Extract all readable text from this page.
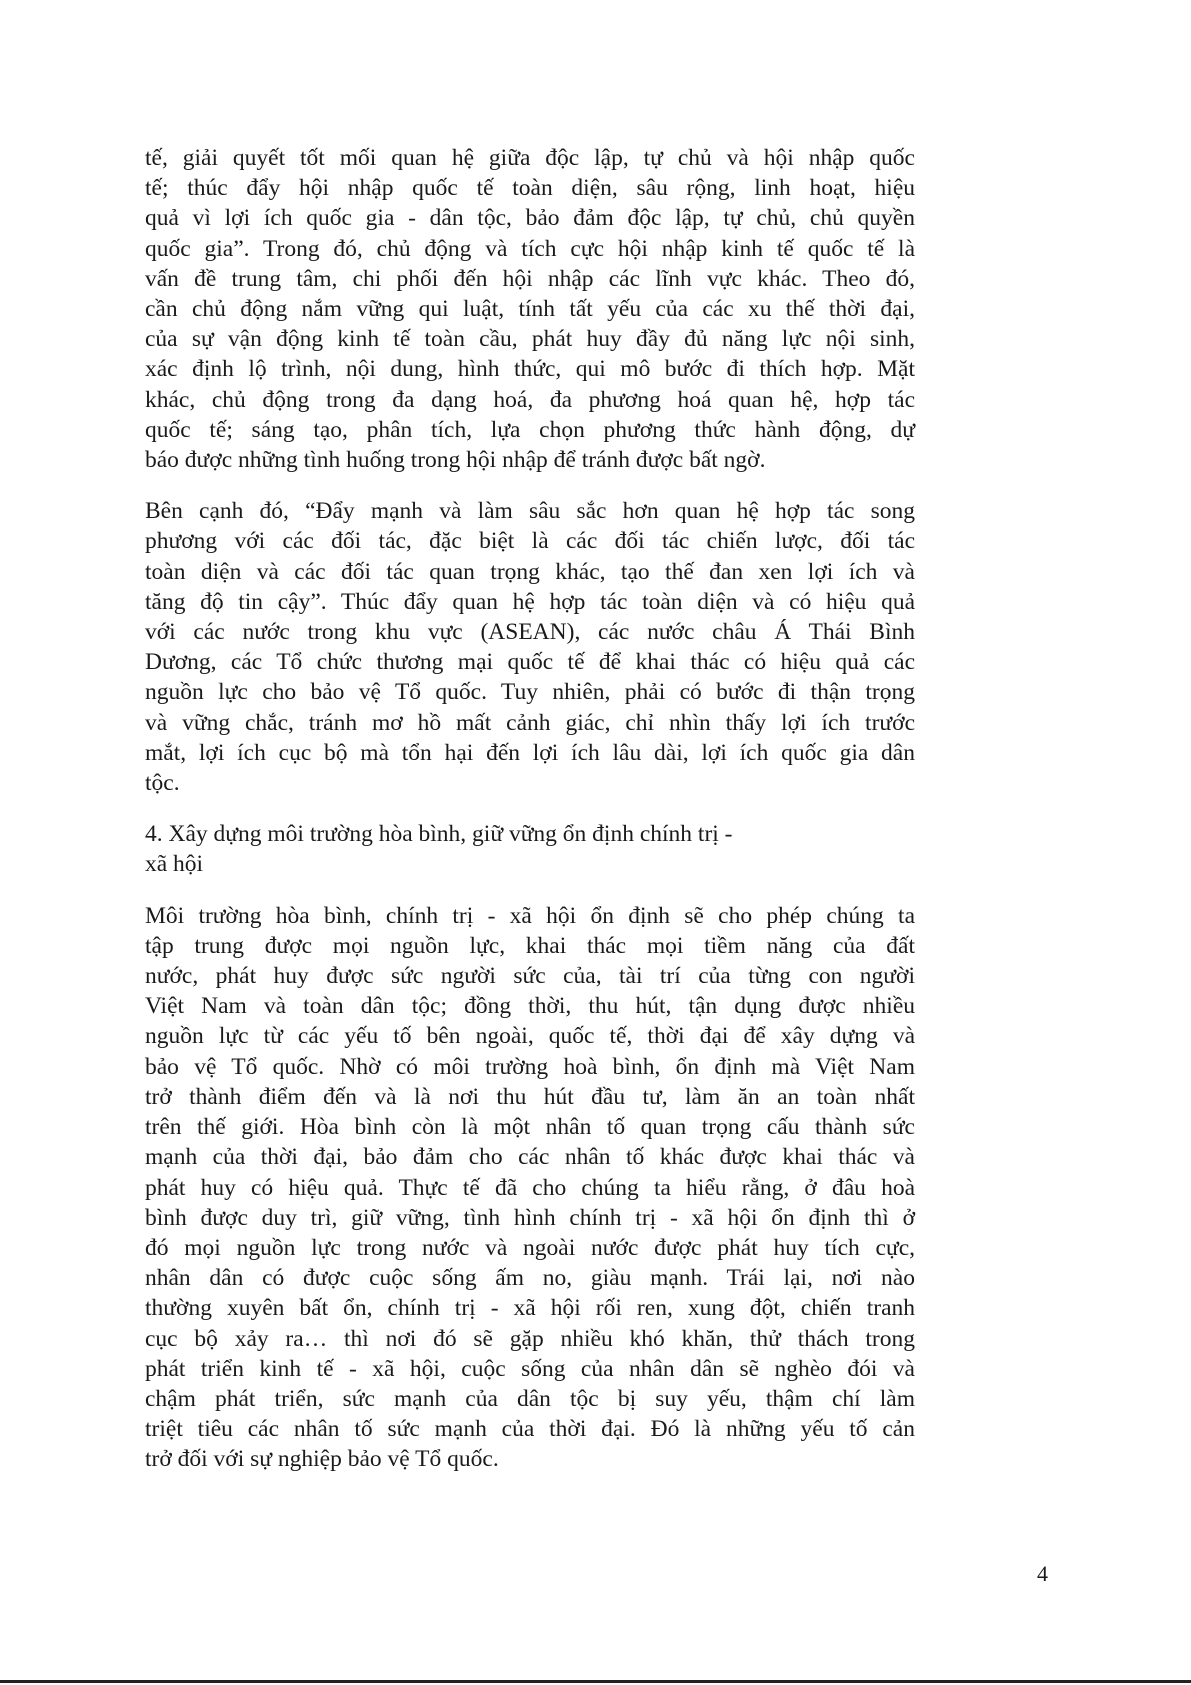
tế, giải quyết tốt mối quan hệ giữa độc lập, tự chủ và hội nhập quốc
tế; thúc đẩy hội nhập quốc tế toàn diện, sâu rộng, linh hoạt, hiệu
quả vì lợi ích quốc gia - dân tộc, bảo đảm độc lập, tự chủ, chủ quyền
quốc gia”. Trong đó, chủ động và tích cực hội nhập kinh tế quốc tế là
vấn đề trung tâm, chi phối đến hội nhập các lĩnh vực khác. Theo đó,
cần chủ động nắm vững qui luật, tính tất yếu của các xu thế thời đại,
của sự vận động kinh tế toàn cầu, phát huy đầy đủ năng lực nội sinh,
xác định lộ trình, nội dung, hình thức, qui mô bước đi thích hợp. Mặt
khác, chủ động trong đa dạng hoá, đa phương hoá quan hệ, hợp tác
quốc tế; sáng tạo, phân tích, lựa chọn phương thức hành động, dự
báo được những tình huống trong hội nhập để tránh được bất ngờ.
Bên cạnh đó, “Đẩy mạnh và làm sâu sắc hơn quan hệ hợp tác song
phương với các đối tác, đặc biệt là các đối tác chiến lược, đối tác
toàn diện và các đối tác quan trọng khác, tạo thế đan xen lợi ích và
tăng độ tin cậy”. Thúc đẩy quan hệ hợp tác toàn diện và có hiệu quả
với các nước trong khu vực (ASEAN), các nước châu Á Thái Bình
Dương, các Tổ chức thương mại quốc tế để khai thác có hiệu quả các
nguồn lực cho bảo vệ Tổ quốc. Tuy nhiên, phải có bước đi thận trọng
và vững chắc, tránh mơ hồ mất cảnh giác, chỉ nhìn thấy lợi ích trước
mắt, lợi ích cục bộ mà tổn hại đến lợi ích lâu dài, lợi ích quốc gia dân
tộc.
4. Xây dựng môi trường hòa bình, giữ vững ổn định chính trị -
xã hội
Môi trường hòa bình, chính trị - xã hội ổn định sẽ cho phép chúng ta
tập trung được mọi nguồn lực, khai thác mọi tiềm năng của đất
nước, phát huy được sức người sức của, tài trí của từng con người
Việt Nam và toàn dân tộc; đồng thời, thu hút, tận dụng được nhiều
nguồn lực từ các yếu tố bên ngoài, quốc tế, thời đại để xây dựng và
bảo vệ Tổ quốc. Nhờ có môi trường hoà bình, ổn định mà Việt Nam
trở thành điểm đến và là nơi thu hút đầu tư, làm ăn an toàn nhất
trên thế giới. Hòa bình còn là một nhân tố quan trọng cấu thành sức
mạnh của thời đại, bảo đảm cho các nhân tố khác được khai thác và
phát huy có hiệu quả. Thực tế đã cho chúng ta hiểu rằng, ở đâu hoà
bình được duy trì, giữ vững, tình hình chính trị - xã hội ổn định thì ở
đó mọi nguồn lực trong nước và ngoài nước được phát huy tích cực,
nhân dân có được cuộc sống ấm no, giàu mạnh. Trái lại, nơi nào
thường xuyên bất ổn, chính trị - xã hội rối ren, xung đột, chiến tranh
cục bộ xảy ra… thì nơi đó sẽ gặp nhiều khó khăn, thử thách trong
phát triển kinh tế - xã hội, cuộc sống của nhân dân sẽ nghèo đói và
chậm phát triển, sức mạnh của dân tộc bị suy yếu, thậm chí làm
triệt tiêu các nhân tố sức mạnh của thời đại. Đó là những yếu tố cản
trở đối với sự nghiệp bảo vệ Tổ quốc.
4
